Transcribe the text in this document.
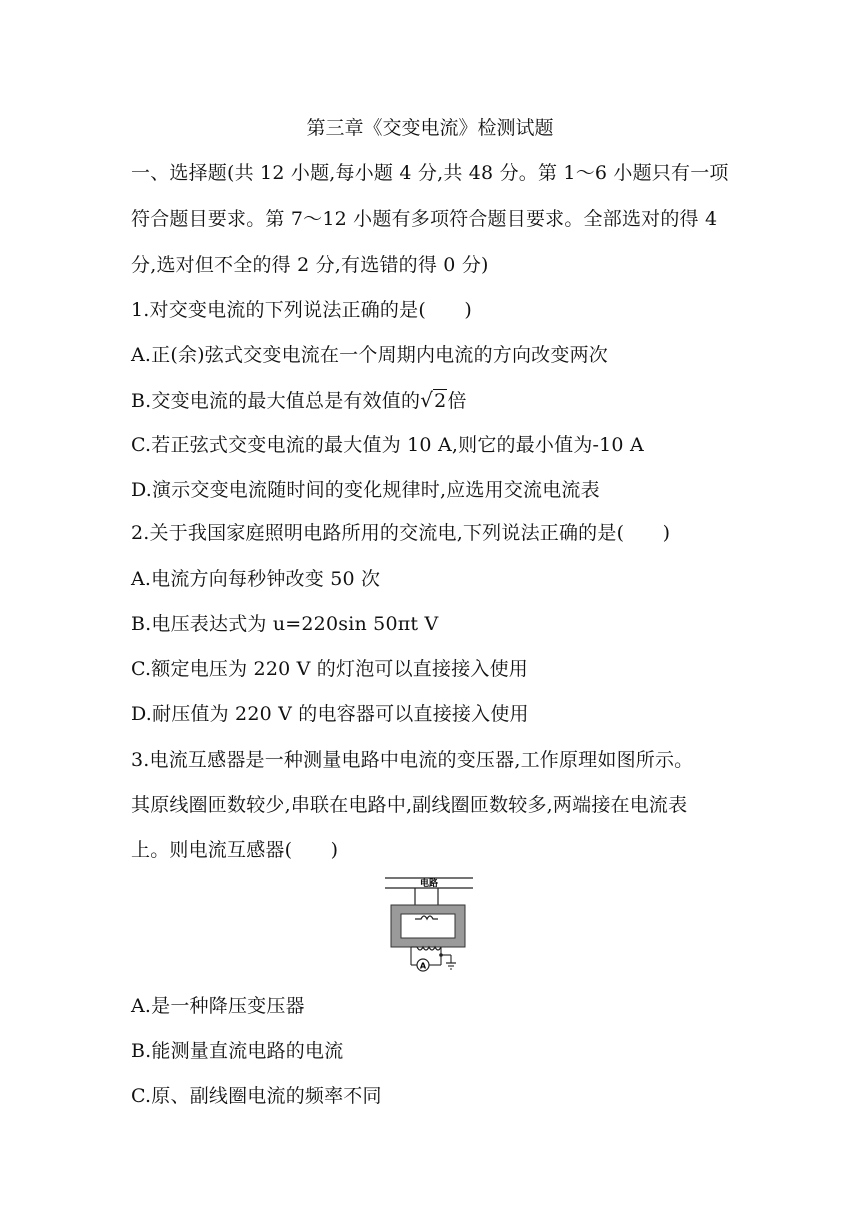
第三章《交变电流》检测试题
一、选择题(共 12 小题,每小题 4 分,共 48 分。第 1～6 小题只有一项
符合题目要求。第 7～12 小题有多项符合题目要求。全部选对的得 4
分,选对但不全的得 2 分,有选错的得 0 分)
1.对交变电流的下列说法正确的是(　　)
A.正(余)弦式交变电流在一个周期内电流的方向改变两次
B.交变电流的最大值总是有效值的√2倍
C.若正弦式交变电流的最大值为 10 A,则它的最小值为-10 A
D.演示交变电流随时间的变化规律时,应选用交流电流表
2.关于我国家庭照明电路所用的交流电,下列说法正确的是(　　)
A.电流方向每秒钟改变 50 次
B.电压表达式为 u=220sin 50πt V
C.额定电压为 220 V 的灯泡可以直接接入使用
D.耐压值为 220 V 的电容器可以直接接入使用
3.电流互感器是一种测量电路中电流的变压器,工作原理如图所示。
其原线圈匝数较少,串联在电路中,副线圈匝数较多,两端接在电流表
上。则电流互感器(　　)
电路
A
A.是一种降压变压器
B.能测量直流电路的电流
C.原、副线圈电流的频率不同
